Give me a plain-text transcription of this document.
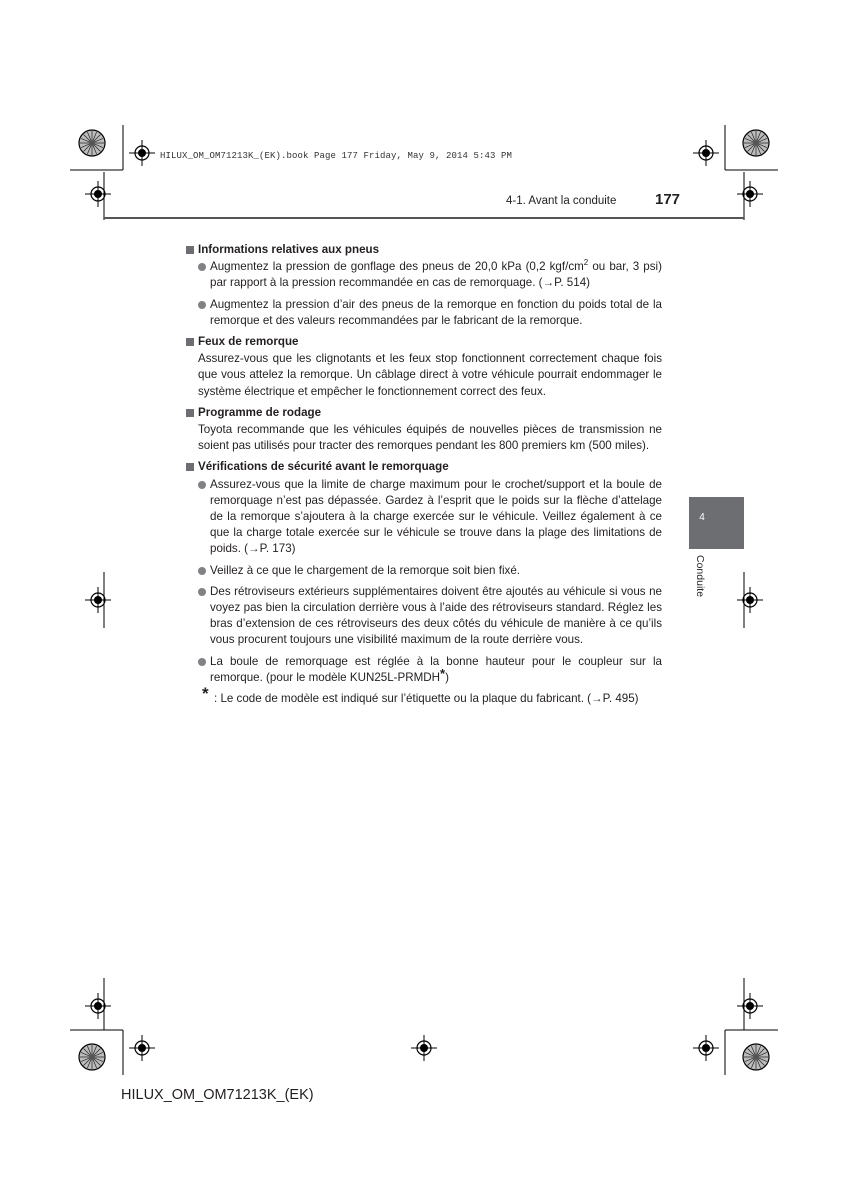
HILUX_OM_OM71213K_(EK).book Page 177 Friday, May 9, 2014 5:43 PM
4-1. Avant la conduite	177
4
Conduite
Informations relatives aux pneus
Augmentez la pression de gonflage des pneus de 20,0 kPa (0,2 kgf/$cm^2$ ou bar, 3 psi) par rapport à la pression recommandée en cas de remorquage. (→P. 514)
Augmentez la pression d’air des pneus de la remorque en fonction du poids total de la remorque et des valeurs recommandées par le fabricant de la remorque.
Feux de remorque
Assurez-vous que les clignotants et les feux stop fonctionnent correctement chaque fois que vous attelez la remorque. Un câblage direct à votre véhicule pourrait endommager le système électrique et empêcher le fonctionnement correct des feux.
Programme de rodage
Toyota recommande que les véhicules équipés de nouvelles pièces de transmission ne soient pas utilisés pour tracter des remorques pendant les 800 premiers km (500 miles).
Vérifications de sécurité avant le remorquage
Assurez-vous que la limite de charge maximum pour le crochet/support et la boule de remorquage n’est pas dépassée. Gardez à l’esprit que le poids sur la flèche d’attelage de la remorque s’ajoutera à la charge exercée sur le véhicule. Veillez également à ce que la charge totale exercée sur le véhicule se trouve dans la plage des limitations de poids. (→P. 173)
Veillez à ce que le chargement de la remorque soit bien fixé.
Des rétroviseurs extérieurs supplémentaires doivent être ajoutés au véhicule si vous ne voyez pas bien la circulation derrière vous à l’aide des rétroviseurs standard. Réglez les bras d’extension de ces rétroviseurs des deux côtés du véhicule de manière à ce qu’ils vous procurent toujours une visibilité maximum de la route derrière vous.
La boule de remorquage est réglée à la bonne hauteur pour le coupleur sur la remorque. (pour le modèle KUN25L-PRMDH*)
* : Le code de modèle est indiqué sur l’étiquette ou la plaque du fabricant. (→P. 495)
HILUX_OM_OM71213K_(EK)
